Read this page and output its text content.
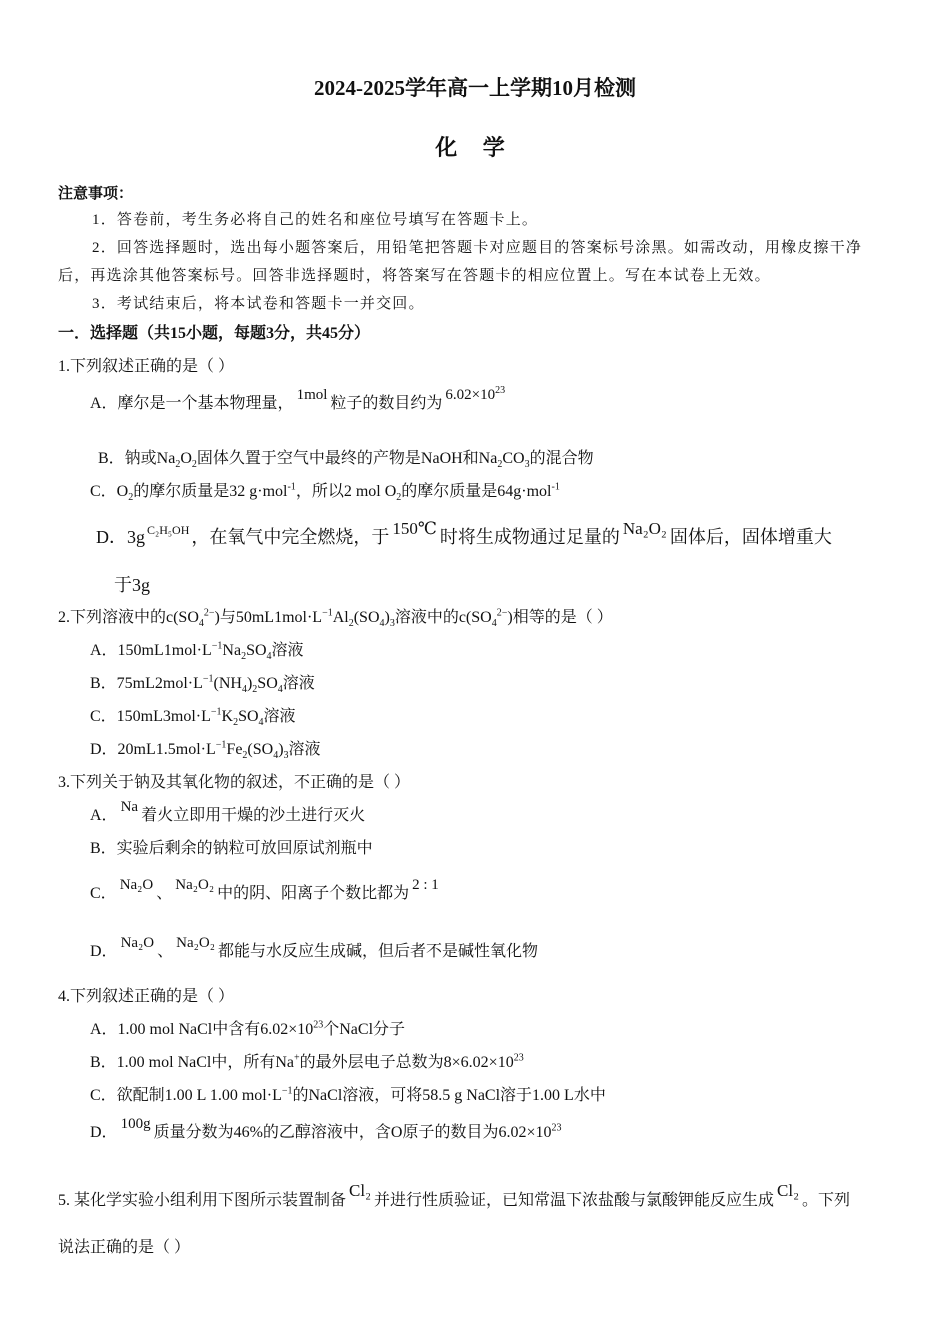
2024-2025学年高一上学期10月检测
化 学
注意事项：
1．答卷前，考生务必将自己的姓名和座位号填写在答题卡上。
2．回答选择题时，选出每小题答案后，用铅笔把答题卡对应题目的答案标号涂黑。如需改动，用橡皮擦干净
后，再选涂其他答案标号。回答非选择题时，将答案写在答题卡的相应位置上。写在本试卷上无效。
3．考试结束后，将本试卷和答题卡一并交回。
一．选择题（共15小题，每题3分，共45分）
1.下列叙述正确的是（ ）
A．摩尔是一个基本物理量， 1mol 粒子的数目约为 $6.02\times 10^{23}$
B．钠或$Na_2O_2$固体久置于空气中最终的产物是NaOH和$Na_2CO_3$的混合物
C．$O_2$的摩尔质量是32 g·mol$^{-1}$，所以2 mol $O_2$的摩尔质量是64g·mol$^{-1}$
D．3g $^{C_2H_5OH}$ ，在氧气中完全燃烧，于 150℃ 时将生成物通过足量的 Na₂O₂ 固体后，固体增重大
于3g
2.下列溶液中的$c(SO_4^{2-})$与$50mL1mol\cdot L^{-1}Al_2(SO_4)_3$溶液中的$c(SO_4^{2-})$相等的是（ ）
A．$150mL1mol\cdot L^{-1}Na_2SO_4$溶液
B．$75mL2mol\cdot L^{-1}(NH_4)_2SO_4$溶液
C．$150mL3mol\cdot L^{-1}K_2SO_4$溶液
D．$20mL1.5mol\cdot L^{-1}Fe_2(SO_4)_3$溶液
3.下列关于钠及其氧化物的叙述，不正确的是（ ）
A． Na 着火立即用干燥的沙土进行灭火
B．实验后剩余的钠粒可放回原试剂瓶中
C． Na₂O 、 Na₂O₂ 中的阴、阳离子个数比都为 2 : 1
D． Na₂O 、 Na₂O₂ 都能与水反应生成碱，但后者不是碱性氧化物
4.下列叙述正确的是（ ）
A．1.00 mol NaCl中含有$6.02\times 10^{23}$个NaCl分子
B．1.00 mol NaCl中，所有Na+的最外层电子总数为$8\times 6.02\times 10^{23}$
C．欲配制1.00 L 1.00 $mol\cdot L^{-1}$的NaCl溶液，可将58.5 g NaCl溶于1.00 L水中
D． 100g 质量分数为46%的乙醇溶液中，含O原子的数目为$6.02\times 10^{23}$
5. 某化学实验小组利用下图所示装置制备Cl₂并进行性质验证，已知常温下浓盐酸与氯酸钾能反应生成Cl₂。下列
说法正确的是（ ）
